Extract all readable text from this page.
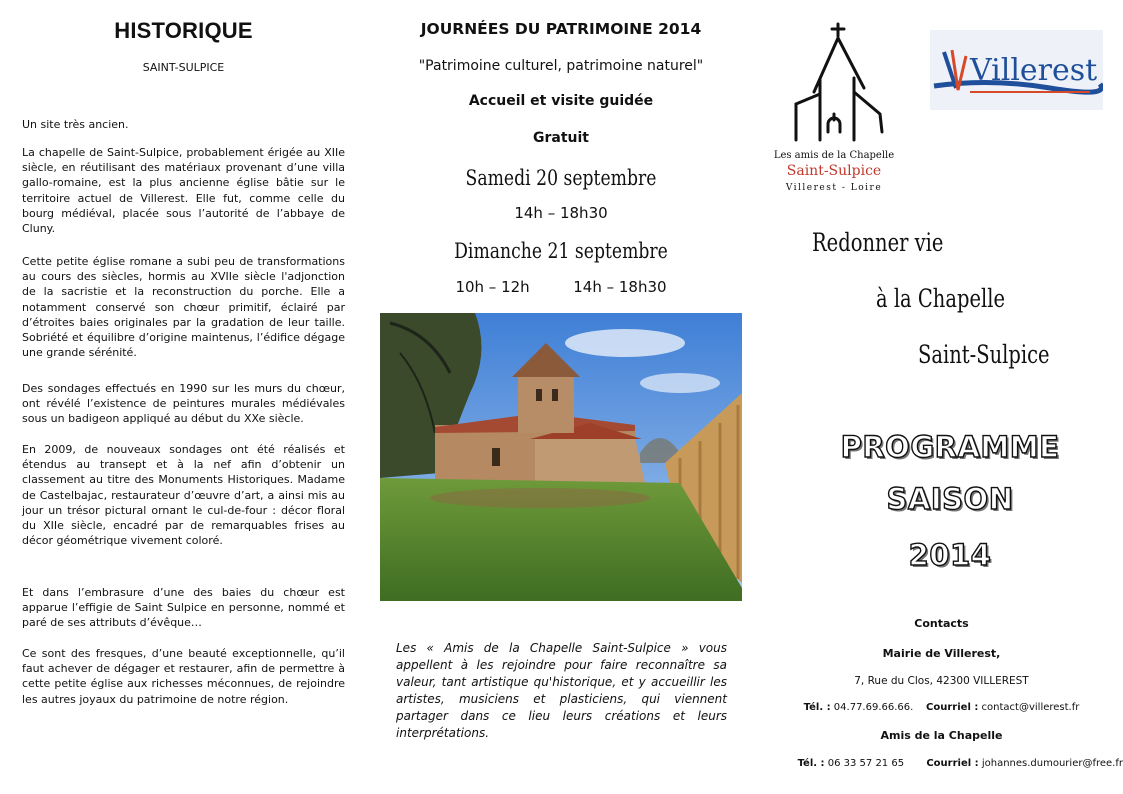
HISTORIQUE
SAINT-SULPICE

Un site très ancien.

La chapelle de Saint-Sulpice, probablement érigée au XIIe siècle, en réutilisant des matériaux provenant d’une villa gallo-romaine, est la plus ancienne église bâtie sur le territoire actuel de Villerest. Elle fut, comme celle du bourg médiéval, placée sous l’autorité de l’abbaye de Cluny.

Cette petite église romane a subi peu de transformations au cours des siècles, hormis au XVIIe siècle l'adjonction de la sacristie et la reconstruction du porche. Elle a notamment conservé son chœur primitif, éclairé par d’étroites baies originales par la gradation de leur taille. Sobriété et équilibre d’origine maintenus, l’édifice dégage une grande sérénité.

Des sondages effectués en 1990 sur les murs du chœur, ont révélé l’existence de peintures murales médiévales sous un badigeon appliqué au début du XXe siècle.

En 2009, de nouveaux sondages ont été réalisés et étendus au transept et à la nef afin d’obtenir un classement au titre des Monuments Historiques. Madame de Castelbajac, restaurateur d’œuvre d’art, a ainsi mis au jour un trésor pictural ornant le cul-de-four : décor floral du XIIe siècle, encadré par de remarquables frises au décor géométrique vivement coloré.

Et dans l’embrasure d’une des baies du chœur est apparue l’effigie de Saint Sulpice en personne, nommé et paré de ses attributs d’évêque…

Ce sont des fresques, d’une beauté exceptionnelle, qu’il faut achever de dégager et restaurer, afin de permettre à cette petite église aux richesses méconnues, de rejoindre les autres joyaux du patrimoine de notre région.

JOURNÉES DU PATRIMOINE 2014
"Patrimoine culturel, patrimoine naturel"
Accueil et visite guidée
Gratuit
Samedi 20 septembre
14h – 18h30
Dimanche 21 septembre
10h – 12h	14h – 18h30

Les « Amis de la Chapelle Saint-Sulpice » vous appellent à les rejoindre pour faire reconnaître sa valeur, tant artistique qu'historique, et y accueillir les artistes, musiciens et plasticiens, qui viennent partager dans ce lieu leurs créations et leurs interprétations.

Les amis de la Chapelle
Saint-Sulpice
Villerest - Loire
Villerest
Redonner vie
à la Chapelle
Saint-Sulpice
PROGRAMME
SAISON
2014
Contacts
Mairie de Villerest,
7, Rue du Clos, 42300 VILLEREST
Tél. : 04.77.69.66.66. Courriel : contact@villerest.fr
Amis de la Chapelle
Tél. : 06 33 57 21 65 Courriel : johannes.dumourier@free.fr
